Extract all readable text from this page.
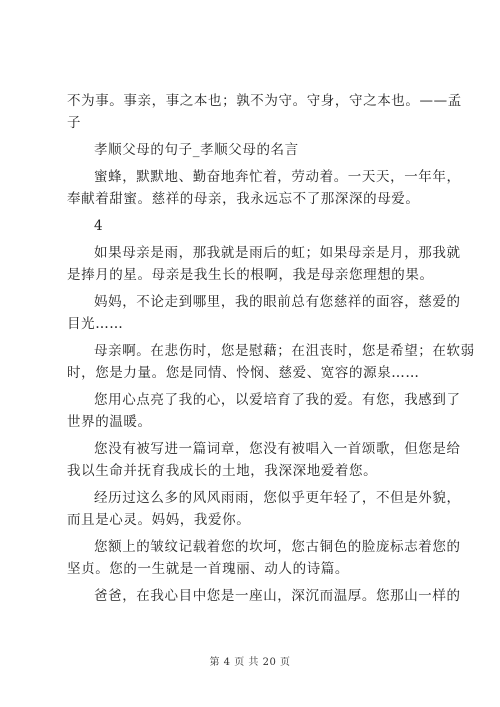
不为事。事亲，事之本也；孰不为守。守身，守之本也。——孟
子
孝顺父母的句子_孝顺父母的名言
蜜蜂，默默地、勤奋地奔忙着，劳动着。一天天，一年年，
奉献着甜蜜。慈祥的母亲，我永远忘不了那深深的母爱。
4
如果母亲是雨，那我就是雨后的虹；如果母亲是月，那我就
是捧月的星。母亲是我生长的根啊，我是母亲您理想的果。
妈妈，不论走到哪里，我的眼前总有您慈祥的面容，慈爱的
目光……
母亲啊。在悲伤时，您是慰藉；在沮丧时，您是希望；在软弱
时，您是力量。您是同情、怜悯、慈爱、宽容的源泉……
您用心点亮了我的心，以爱培育了我的爱。有您，我感到了
世界的温暖。
您没有被写进一篇词章，您没有被唱入一首颂歌，但您是给
我以生命并抚育我成长的土地，我深深地爱着您。
经历过这么多的风风雨雨，您似乎更年轻了，不但是外貌，
而且是心灵。妈妈，我爱你。
您额上的皱纹记载着您的坎坷，您古铜色的脸庞标志着您的
坚贞。您的一生就是一首瑰丽、动人的诗篇。
爸爸，在我心目中您是一座山，深沉而温厚。您那山一样的
第 4 页 共 20 页
